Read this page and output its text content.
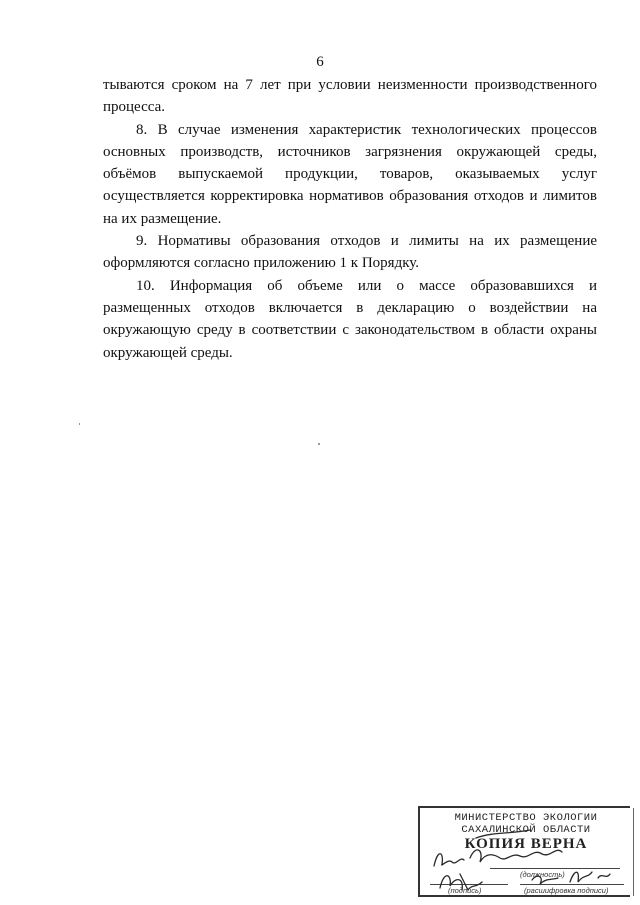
6

тываются сроком на 7 лет при условии неизменности производственного процесса.

8. В случае изменения характеристик технологических процессов основных производств, источников загрязнения окружающей среды, объёмов выпускаемой продукции, товаров, оказываемых услуг осуществляется корректировка нормативов образования отходов и лимитов на их размещение.

9. Нормативы образования отходов и лимиты на их размещение оформляются согласно приложению 1 к Порядку.

10. Информация об объеме или о массе образовавшихся и размещенных отходов включается в декларацию о воздействии на окружающую среду в соответствии с законодательством в области охраны окружающей среды.

МИНИСТЕРСТВО ЭКОЛОГИИ
САХАЛИНСКОЙ ОБЛАСТИ
КОПИЯ ВЕРНА
(должность)
(подпись)	(расшифровка подписи)
